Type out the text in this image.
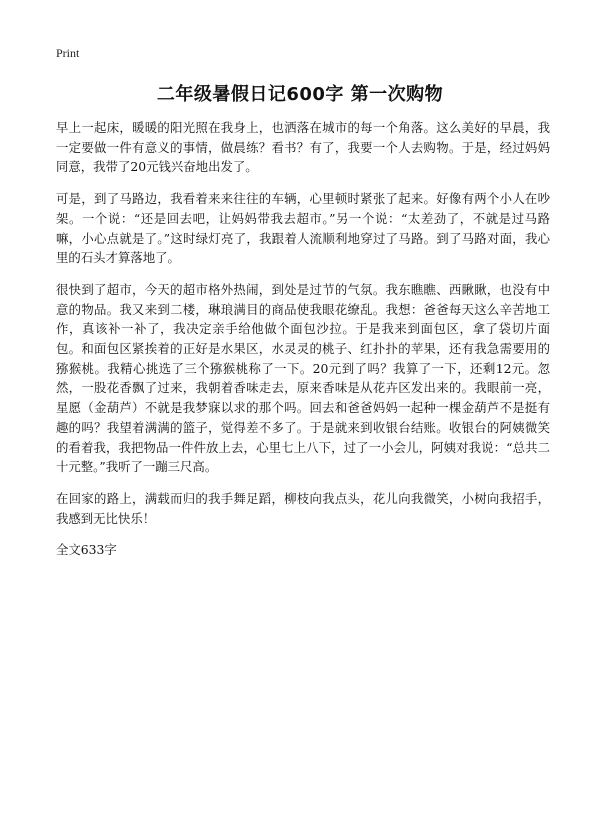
Print
二年级暑假日记600字 第一次购物

早上一起床，暖暖的阳光照在我身上，也洒落在城市的每一个角落。这么美好的早晨，我一定要做一件有意义的事情，做晨练？看书？有了，我要一个人去购物。于是，经过妈妈同意，我带了20元钱兴奋地出发了。

可是，到了马路边，我看着来来往往的车辆，心里顿时紧张了起来。好像有两个小人在吵架。一个说：“还是回去吧，让妈妈带我去超市。”另一个说：“太差劲了，不就是过马路嘛，小心点就是了。”这时绿灯亮了，我跟着人流顺利地穿过了马路。到了马路对面，我心里的石头才算落地了。

很快到了超市，今天的超市格外热闹，到处是过节的气氛。我东瞧瞧、西瞅瞅，也没有中意的物品。我又来到二楼，琳琅满目的商品使我眼花缭乱。我想：爸爸每天这么辛苦地工作，真该补一补了，我决定亲手给他做个面包沙拉。于是我来到面包区，拿了袋切片面包。和面包区紧挨着的正好是水果区，水灵灵的桃子、红扑扑的苹果，还有我急需要用的猕猴桃。我精心挑选了三个猕猴桃称了一下。20元到了吗？我算了一下，还剩12元。忽然，一股花香飘了过来，我朝着香味走去，原来香味是从花卉区发出来的。我眼前一亮，星愿（金葫芦）不就是我梦寐以求的那个吗。回去和爸爸妈妈一起种一棵金葫芦不是挺有趣的吗？我望着满满的篮子，觉得差不多了。于是就来到收银台结账。收银台的阿姨微笑的看着我，我把物品一件件放上去，心里七上八下，过了一小会儿，阿姨对我说：“总共二十元整。”我听了一蹦三尺高。

在回家的路上，满载而归的我手舞足蹈，柳枝向我点头，花儿向我微笑，小树向我招手，我感到无比快乐！

全文633字
